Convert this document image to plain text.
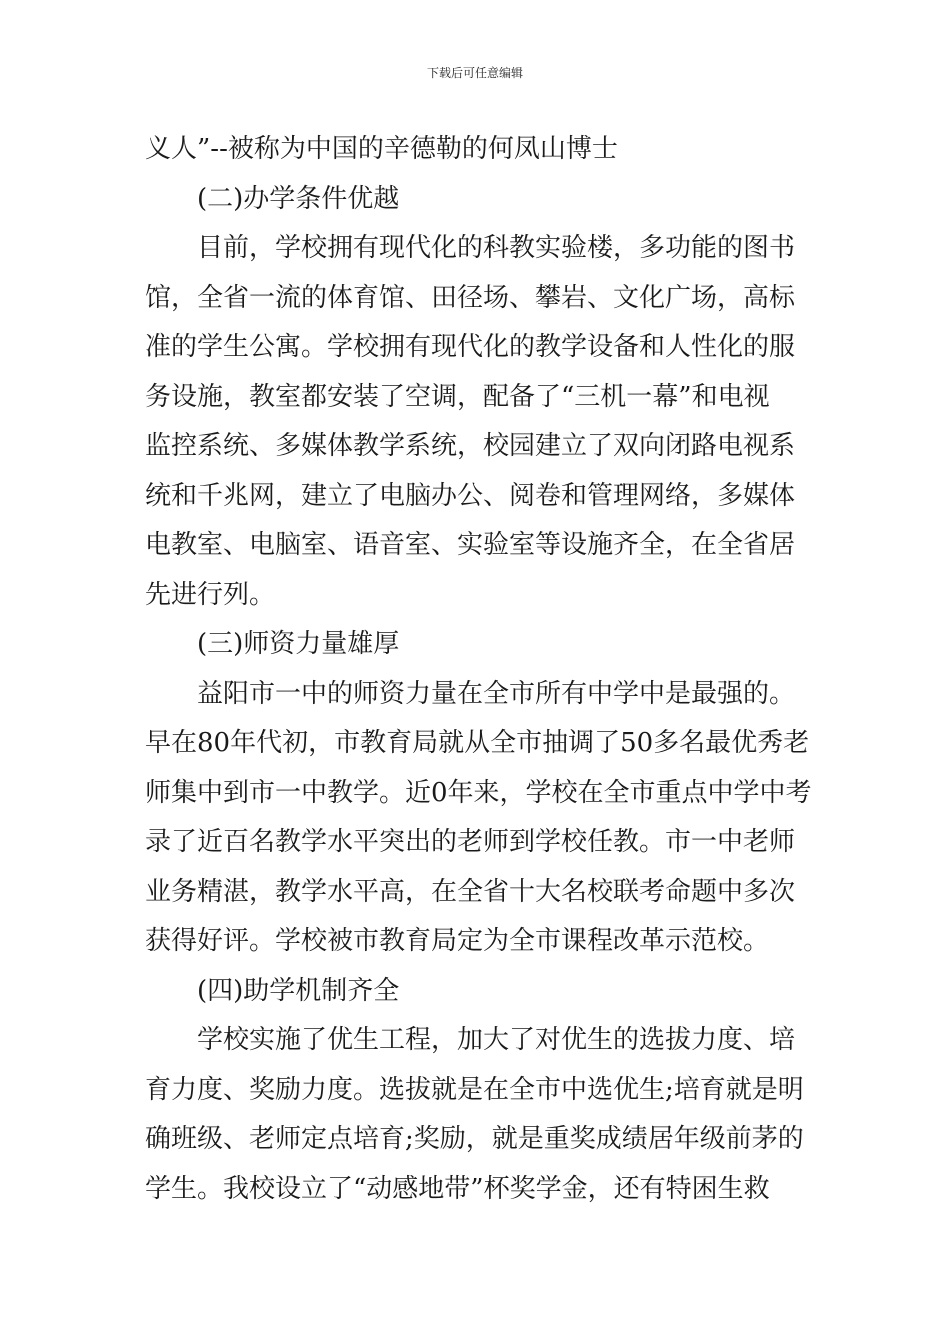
下载后可任意编辑
义人”--被称为中国的辛德勒的何凤山博士
(二)办学条件优越
目前，学校拥有现代化的科教实验楼，多功能的图书
馆，全省一流的体育馆、田径场、攀岩、文化广场，高标
准的学生公寓。学校拥有现代化的教学设备和人性化的服
务设施，教室都安装了空调，配备了“三机一幕”和电视
监控系统、多媒体教学系统，校园建立了双向闭路电视系
统和千兆网，建立了电脑办公、阅卷和管理网络，多媒体
电教室、电脑室、语音室、实验室等设施齐全，在全省居
先进行列。
(三)师资力量雄厚
益阳市一中的师资力量在全市所有中学中是最强的。
早在80年代初，市教育局就从全市抽调了50多名最优秀老
师集中到市一中教学。近0年来，学校在全市重点中学中考
录了近百名教学水平突出的老师到学校任教。市一中老师
业务精湛，教学水平高，在全省十大名校联考命题中多次
获得好评。学校被市教育局定为全市课程改革示范校。
(四)助学机制齐全
学校实施了优生工程，加大了对优生的选拔力度、培
育力度、奖励力度。选拔就是在全市中选优生;培育就是明
确班级、老师定点培育;奖励，就是重奖成绩居年级前茅的
学生。我校设立了“动感地带”杯奖学金，还有特困生救
